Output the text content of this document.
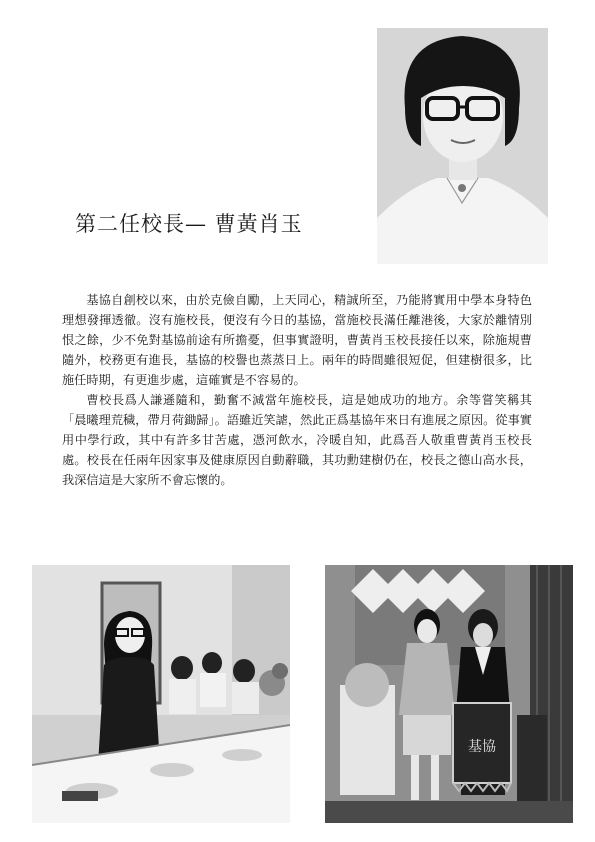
第二任校長— 曹黃肖玉

基協自創校以來，由於克儉自勵，上天同心，精誠所至，乃能將實用中學本身特色理想發揮透徹。沒有施校長，便沒有今日的基協，當施校長滿任離港後，大家於離情別恨之餘，少不免對基協前途有所擔憂，但事實證明，曹黃肖玉校長接任以來，除施規曹隨外，校務更有進長，基協的校譽也蒸蒸日上。兩年的時間雖很短促，但建樹很多，比施任時期，有更進步處，這確實是不容易的。

曹校長爲人謙遜隨和，勤奮不減當年施校長，這是她成功的地方。余等嘗笑稱其「晨曦理荒穢，帶月荷鋤歸」。語雖近笑謔，然此正爲基協年來日有進展之原因。從事實用中學行政，其中有許多甘苦處，憑河飲水，冷暖自知，此爲吾人敬重曹黃肖玉校長處。校長在任兩年因家事及健康原因自動辭職，其功勳建樹仍在，校長之德山高水長，我深信這是大家所不會忘懷的。

基協
